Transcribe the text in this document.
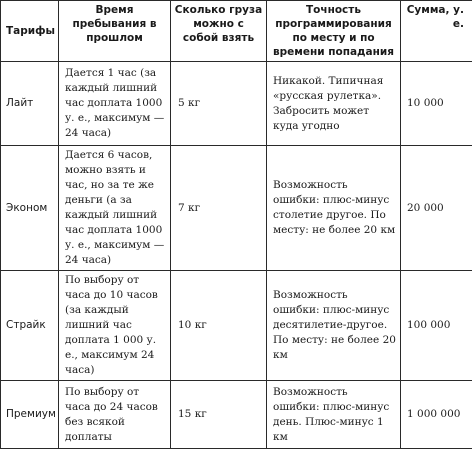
Тарифы	Время пребывания в прошлом	Сколько груза можно с собой взять	Точность программирования по месту и по времени попадания	Сумма, у. е.
Лайт	Дается 1 час (за каждый лишний час доплата 1000 у. е., максимум — 24 часа)	5 кг	Никакой. Типичная «русская рулетка». Забросить может куда угодно	10 000
Эконом	Дается 6 часов, можно взять и час, но за те же деньги (а за каждый лишний час доплата 1000 у. е., максимум — 24 часа)	7 кг	Возможность ошибки: плюс-минус столетие другое. По месту: не более 20 км	20 000
Страйк	По выбору от часа до 10 часов (за каждый лишний час доплата 1 000 у. е., максимум 24 часа)	10 кг	Возможность ошибки: плюс-минус десятилетие-другое. По месту: не более 20 км	100 000
Премиум	По выбору от часа до 24 часов без всякой доплаты	15 кг	Возможность ошибки: плюс-минус день. Плюс-минус 1 км	1 000 000
